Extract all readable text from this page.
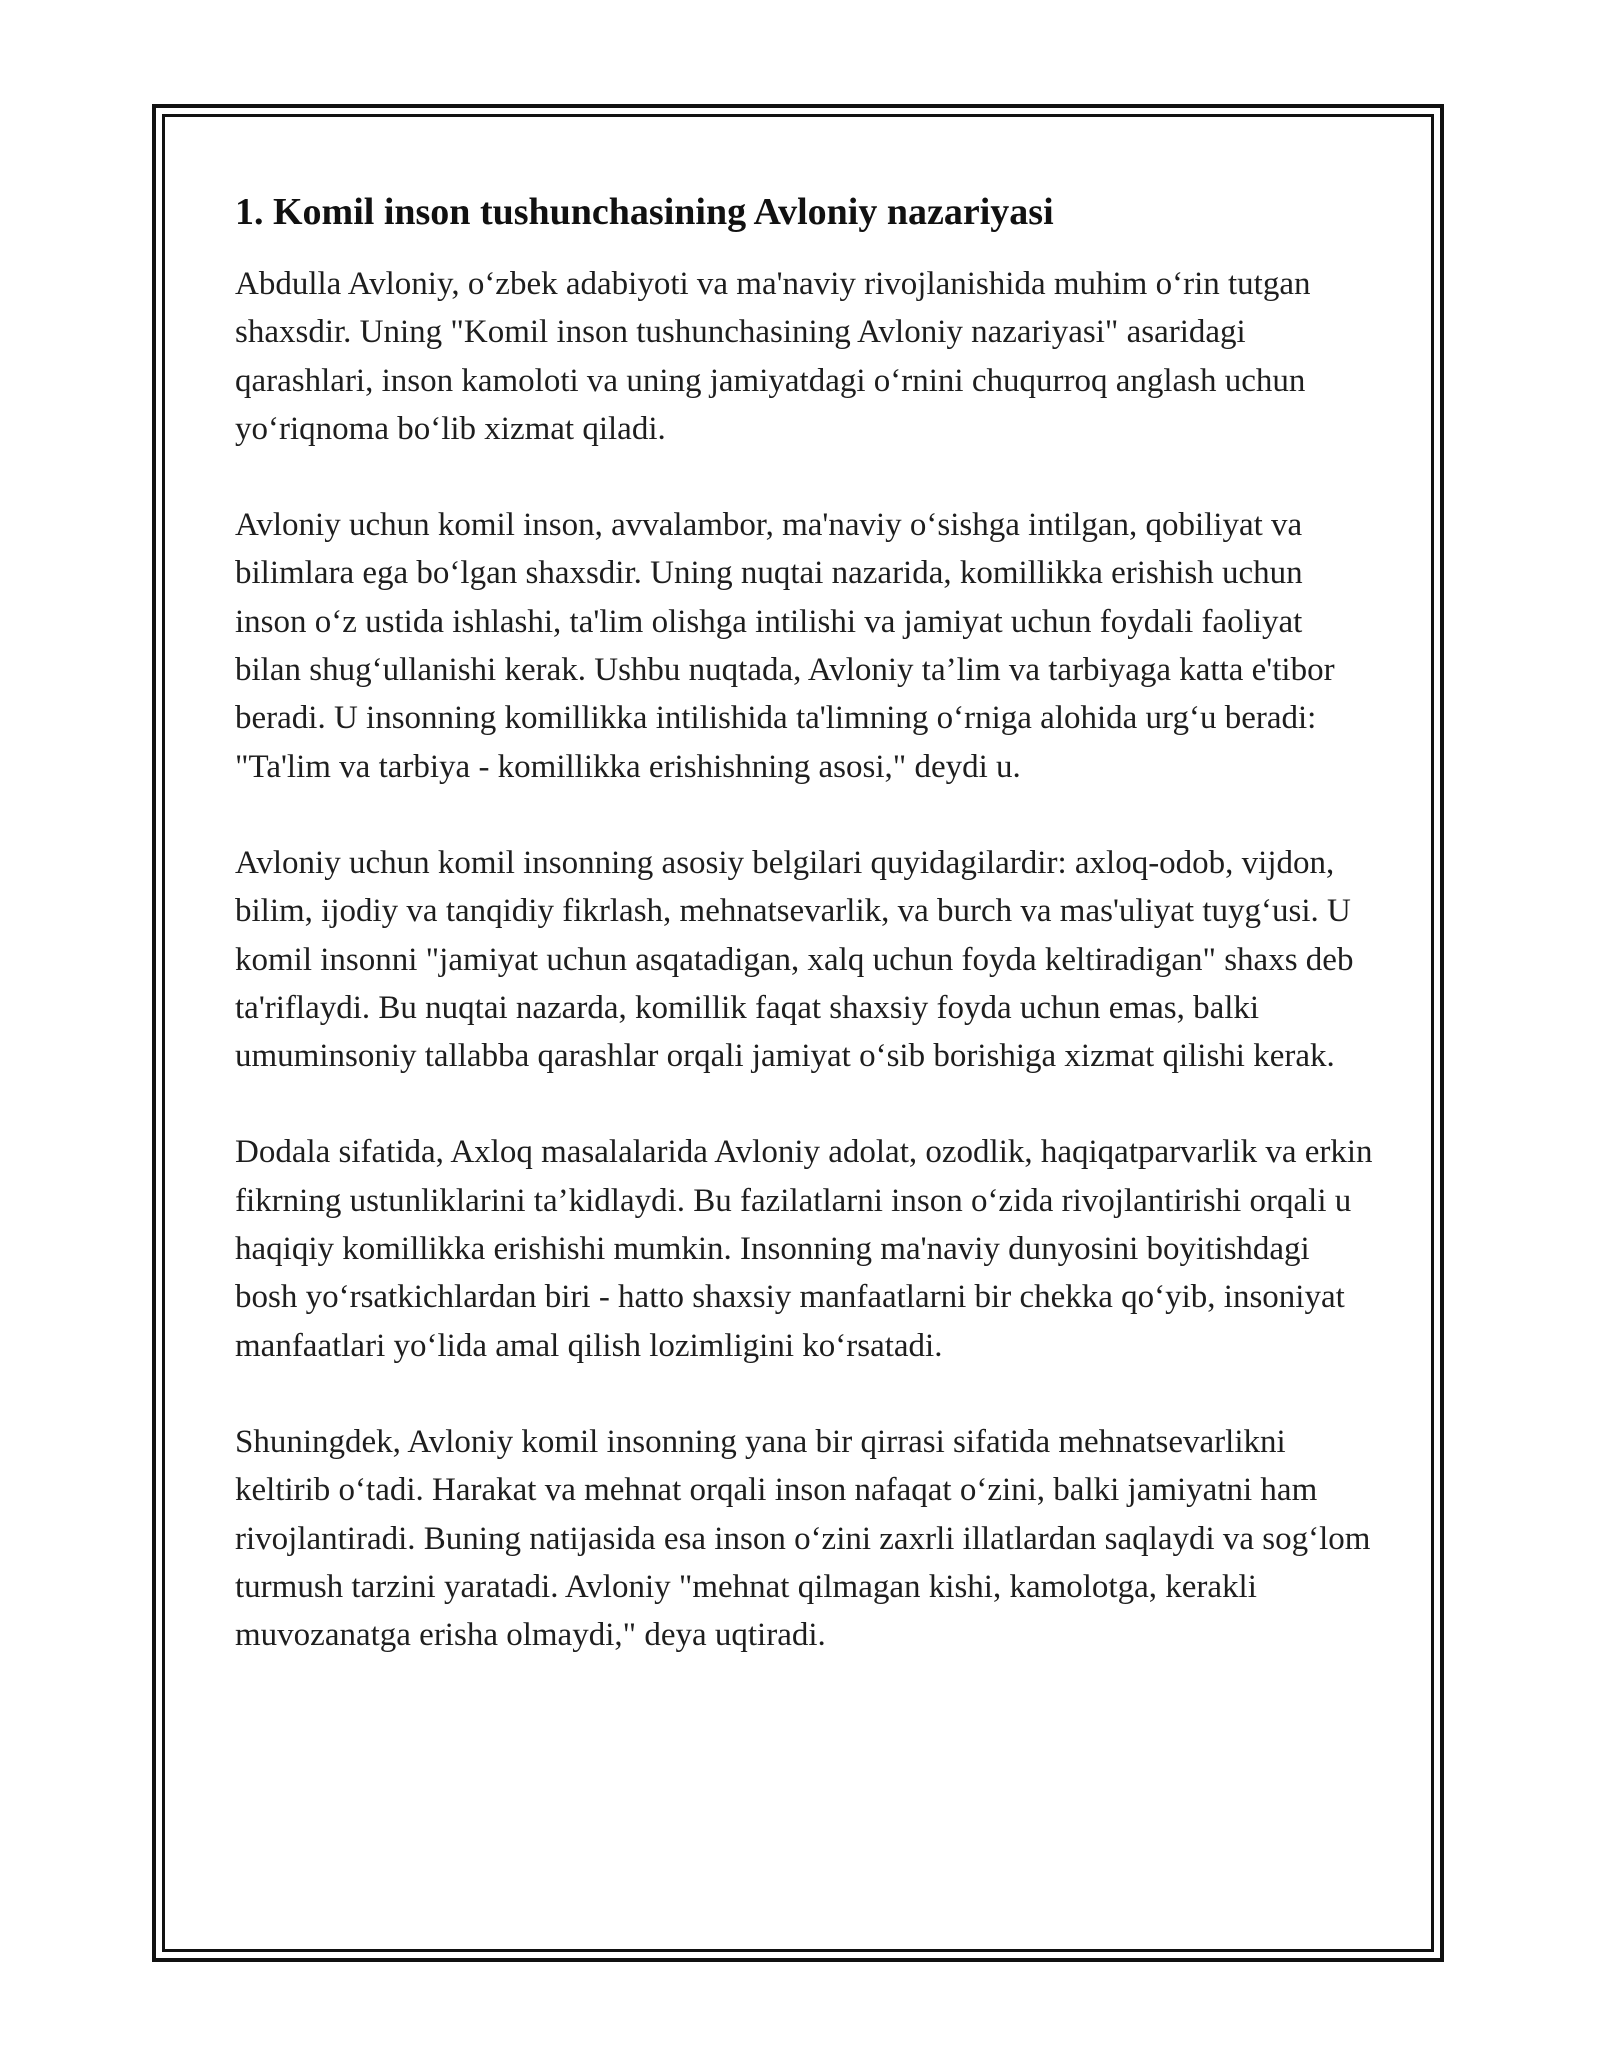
1. Komil inson tushunchasining Avloniy nazariyasi

Abdulla Avloniy, oʻzbek adabiyoti va ma'naviy rivojlanishida muhim oʻrin tutgan shaxsdir. Uning "Komil inson tushunchasining Avloniy nazariyasi" asaridagi qarashlari, inson kamoloti va uning jamiyatdagi oʻrnini chuqurroq anglash uchun yoʻriqnoma boʻlib xizmat qiladi.

Avloniy uchun komil inson, avvalambor, ma'naviy oʻsishga intilgan, qobiliyat va bilimlara ega boʻlgan shaxsdir. Uning nuqtai nazarida, komillikka erishish uchun inson oʻz ustida ishlashi, ta'lim olishga intilishi va jamiyat uchun foydali faoliyat bilan shugʻullanishi kerak. Ushbu nuqtada, Avloniy ta’lim va tarbiyaga katta e'tibor beradi. U insonning komillikka intilishida ta'limning oʻrniga alohida urgʻu beradi: "Ta'lim va tarbiya - komillikka erishishning asosi," deydi u.

Avloniy uchun komil insonning asosiy belgilari quyidagilardir: axloq-odob, vijdon, bilim, ijodiy va tanqidiy fikrlash, mehnatsevarlik, va burch va mas'uliyat tuygʻusi. U komil insonni "jamiyat uchun asqatadigan, xalq uchun foyda keltiradigan" shaxs deb ta'riflaydi. Bu nuqtai nazarda, komillik faqat shaxsiy foyda uchun emas, balki umuminsoniy tallabba qarashlar orqali jamiyat oʻsib borishiga xizmat qilishi kerak.

Dodala sifatida, Axloq masalalarida Avloniy adolat, ozodlik, haqiqatparvarlik va erkin fikrning ustunliklarini ta’kidlaydi. Bu fazilatlarni inson oʻzida rivojlantirishi orqali u haqiqiy komillikka erishishi mumkin. Insonning ma'naviy dunyosini boyitishdagi bosh yoʻrsatkichlardan biri - hatto shaxsiy manfaatlarni bir chekka qoʻyib, insoniyat manfaatlari yoʻlida amal qilish lozimligini koʻrsatadi.

Shuningdek, Avloniy komil insonning yana bir qirrasi sifatida mehnatsevarlikni keltirib oʻtadi. Harakat va mehnat orqali inson nafaqat oʻzini, balki jamiyatni ham rivojlantiradi. Buning natijasida esa inson oʻzini zaxrli illatlardan saqlaydi va sogʻlom turmush tarzini yaratadi. Avloniy "mehnat qilmagan kishi, kamolotga, kerakli muvozanatga erisha olmaydi," deya uqtiradi.
